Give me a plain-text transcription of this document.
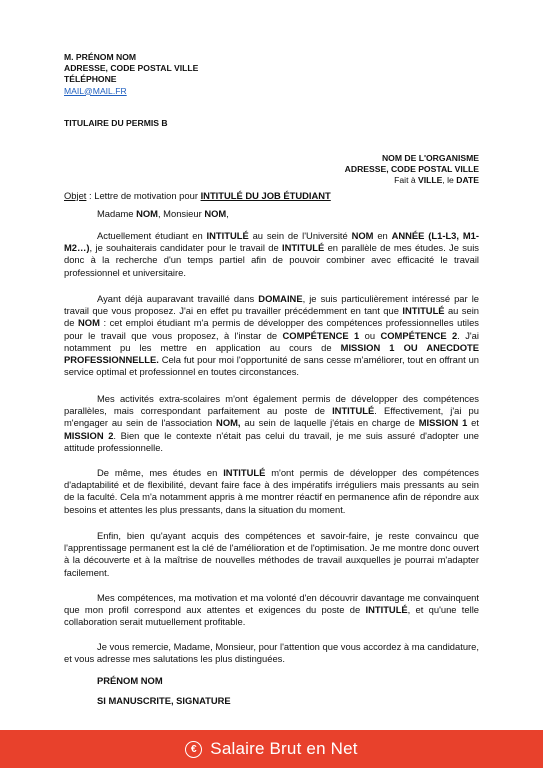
M. PRÉNOM NOM
ADRESSE, CODE POSTAL VILLE
TÉLÉPHONE
MAIL@MAIL.FR
TITULAIRE DU PERMIS B
NOM DE L'ORGANISME
ADRESSE, CODE POSTAL VILLE
Fait à VILLE, le DATE
Objet : Lettre de motivation pour INTITULÉ DU JOB ÉTUDIANT
Madame NOM, Monsieur NOM,

Actuellement étudiant en INTITULÉ au sein de l'Université NOM en ANNÉE (L1-L3, M1-M2…), je souhaiterais candidater pour le travail de INTITULÉ en parallèle de mes études. Je suis donc à la recherche d'un temps partiel afin de pouvoir combiner avec efficacité le travail professionnel et universitaire.

Ayant déjà auparavant travaillé dans DOMAINE, je suis particulièrement intéressé par le travail que vous proposez. J'ai en effet pu travailler précédemment en tant que INTITULÉ au sein de NOM : cet emploi étudiant m'a permis de développer des compétences professionnelles utiles pour le travail que vous proposez, à l'instar de COMPÉTENCE 1 ou COMPÉTENCE 2. J'ai notamment pu les mettre en application au cours de MISSION 1 OU ANECDOTE PROFESSIONNELLE. Cela fut pour moi l'opportunité de sans cesse m'améliorer, tout en offrant un service optimal et professionnel en toutes circonstances.

Mes activités extra-scolaires m'ont également permis de développer des compétences parallèles, mais correspondant parfaitement au poste de INTITULÉ. Effectivement, j'ai pu m'engager au sein de l'association NOM, au sein de laquelle j'étais en charge de MISSION 1 et MISSION 2. Bien que le contexte n'était pas celui du travail, je me suis assuré d'adopter une attitude professionnelle.

De même, mes études en INTITULÉ m'ont permis de développer des compétences d'adaptabilité et de flexibilité, devant faire face à des impératifs irréguliers mais pressants au sein de la faculté. Cela m'a notamment appris à me montrer réactif en permanence afin de répondre aux besoins et attentes les plus pressants, dans la situation du moment.

Enfin, bien qu'ayant acquis des compétences et savoir-faire, je reste convaincu que l'apprentissage permanent est la clé de l'amélioration et de l'optimisation. Je me montre donc ouvert à la découverte et à la maîtrise de nouvelles méthodes de travail auxquelles je pourrai m'adapter facilement.

Mes compétences, ma motivation et ma volonté d'en découvrir davantage me convainquent que mon profil correspond aux attentes et exigences du poste de INTITULÉ, et qu'une telle collaboration serait mutuellement profitable.

Je vous remercie, Madame, Monsieur, pour l'attention que vous accordez à ma candidature, et vous adresse mes salutations les plus distinguées.

PRÉNOM NOM
SI MANUSCRITE, SIGNATURE
€ Salaire Brut en Net
